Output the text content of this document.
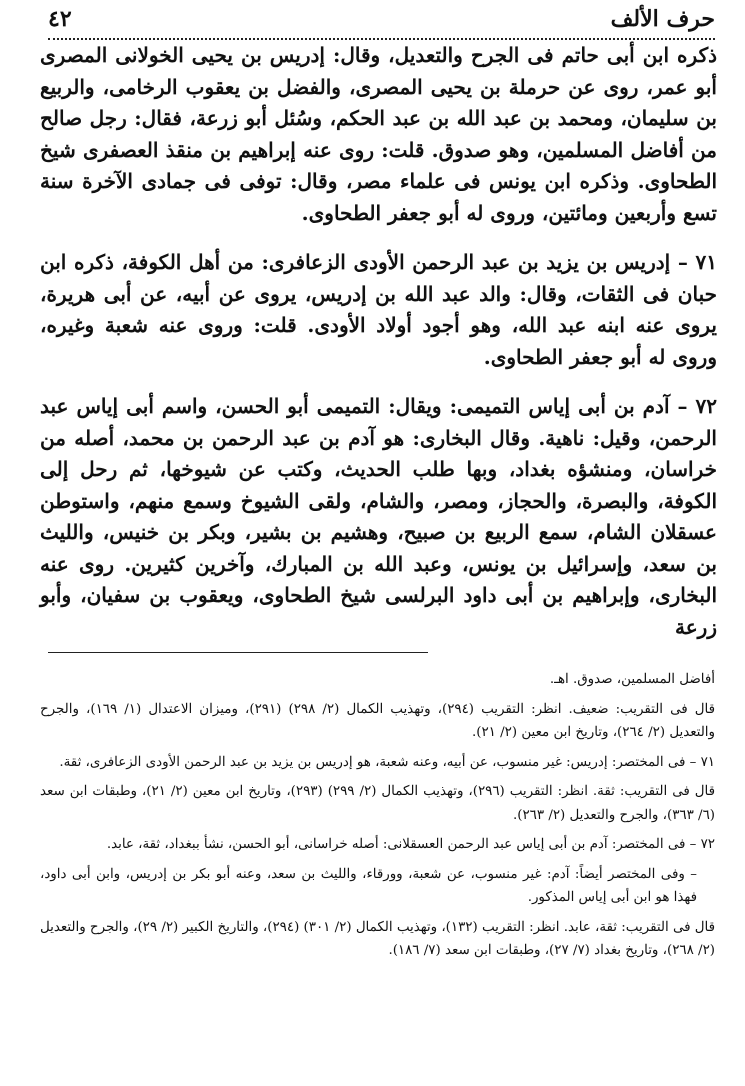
حرف الألف
٤٢

ذكره ابن أبى حاتم فى الجرح والتعديل، وقال: إدريس بن يحيى الخولانى المصرى أبو عمر، روى عن حرملة بن يحيى المصرى، والفضل بن يعقوب الرخامى، والربيع بن سليمان، ومحمد بن عبد الله بن عبد الحكم، وسُئل أبو زرعة، فقال: رجل صالح من أفاضل المسلمين، وهو صدوق. قلت: روى عنه إبراهيم بن منقذ العصفرى شيخ الطحاوى. وذكره ابن يونس فى علماء مصر، وقال: توفى فى جمادى الآخرة سنة تسع وأربعين ومائتين، وروى له أبو جعفر الطحاوى.

٧١ – إدريس بن يزيد بن عبد الرحمن الأودى الزعافرى: من أهل الكوفة، ذكره ابن حبان فى الثقات، وقال: والد عبد الله بن إدريس، يروى عن أبيه، عن أبى هريرة، يروى عنه ابنه عبد الله، وهو أجود أولاد الأودى. قلت: وروى عنه شعبة وغيره، وروى له أبو جعفر الطحاوى.

٧٢ – آدم بن أبى إياس التميمى: ويقال: التميمى أبو الحسن، واسم أبى إياس عبد الرحمن، وقيل: ناهية. وقال البخارى: هو آدم بن عبد الرحمن بن محمد، أصله من خراسان، ومنشؤه بغداد، وبها طلب الحديث، وكتب عن شيوخها، ثم رحل إلى الكوفة، والبصرة، والحجاز، ومصر، والشام، ولقى الشيوخ وسمع منهم، واستوطن عسقلان الشام، سمع الربيع بن صبيح، وهشيم بن بشير، وبكر بن خنيس، والليث بن سعد، وإسرائيل بن يونس، وعبد الله بن المبارك، وآخرين كثيرين. روى عنه البخارى، وإبراهيم بن أبى داود البرلسى شيخ الطحاوى، ويعقوب بن سفيان، وأبو زرعة

أفاضل المسلمين، صدوق. اهـ.

قال فى التقريب: ضعيف. انظر: التقريب (٢٩٤)، وتهذيب الكمال (٢/ ٢٩٨) (٢٩١)، وميزان الاعتدال (١/ ١٦٩)، والجرح والتعديل (٢/ ٢٦٤)، وتاريخ ابن معين (٢/ ٢١).

٧١ – فى المختصر: إدريس: غير منسوب، عن أبيه، وعنه شعبة، هو إدريس بن يزيد بن عبد الرحمن الأودى الزعافرى، ثقة.

قال فى التقريب: ثقة. انظر: التقريب (٢٩٦)، وتهذيب الكمال (٢/ ٢٩٩) (٢٩٣)، وتاريخ ابن معين (٢/ ٢١)، وطبقات ابن سعد (٦/ ٣٦٣)، والجرح والتعديل (٢/ ٢٦٣).

٧٢ – فى المختصر: آدم بن أبى إياس عبد الرحمن العسقلانى: أصله خراسانى، أبو الحسن، نشأ ببغداد، ثقة، عابد.

– وفى المختصر أيضاً: آدم: غير منسوب، عن شعبة، وورقاء، والليث بن سعد، وعنه أبو بكر بن إدريس، وابن أبى داود، فهذا هو ابن أبى إياس المذكور.

قال فى التقريب: ثقة، عابد. انظر: التقريب (١٣٢)، وتهذيب الكمال (٢/ ٣٠١) (٢٩٤)، والتاريخ الكبير (٢/ ٢٩)، والجرح والتعديل (٢/ ٢٦٨)، وتاريخ بغداد (٧/ ٢٧)، وطبقات ابن سعد (٧/ ١٨٦).
